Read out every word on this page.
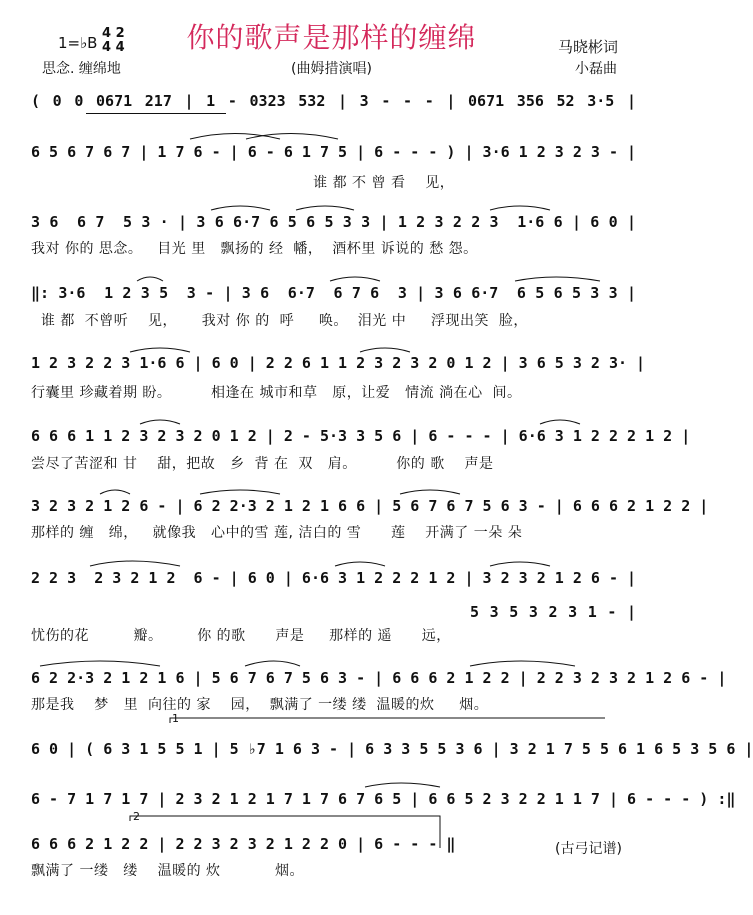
1=♭B
4 2
4 4	你的歌声是那样的缠绵	马晓彬词
思念. 缠绵地	(曲姆措演唱)	小磊曲
( 0 0 0671 217 | 1 - 0323 532 | 3 - - - | 0671 356 52 3·5 |
6 5 6 7 6 7 | 1 7 6 - | 6 - 6 1 7 5 | 6 - - - ) | 3·6 1 2 3 2 3 - |
谁 都 不 曾 看    见，
3 6  6 7  5 3 · | 3 6 6·7 6 5 6 5 3 3 | 1 2 3 2 2 3  1·6 6 | 6 0 |
我对 你的 思念。   目光 里   飘扬的 经  幡，  酒杯里 诉说的 愁 怨。
‖: 3·6  1 2 3 5  3 - | 3 6  6·7  6 7 6  3 | 3 6 6·7  6 5 6 5 3 3 |
谁 都  不曾听    见，     我对 你 的  呼     唤。  泪光 中     浮现出笑  脸，
1 2 3 2 2 3 1·6 6 | 6 0 | 2 2 6 1 1 2 3 2 3 2 0 1 2 | 3 6 5 3 2 3· |
行囊里 珍藏着期 盼。        相逢在 城市和草   原，让爱   情流 淌在心  间。
6 6 6 1 1 2 3 2 3 2 0 1 2 | 2 - 5·3 3 5 6 | 6 - - - | 6·6 3 1 2 2 2 1 2 |
尝尽了苦涩和 甘    甜，把故   乡  背 在  双   肩。        你的 歌    声是
3 2 3 2 1 2 6 - | 6 2 2·3 2 1 2 1 6 6 | 5 6 7 6 7 5 6 3 - | 6 6 6 2 1 2 2 |
那样的 缠   绵，   就像我   心中的雪 莲, 洁白的 雪      莲    开满了 一朵 朵
2 2 3  2 3 2 1 2  6 - | 6 0 | 6·6 3 1 2 2 2 1 2 | 3 2 3 2 1 2 6 - |
5 3 5 3 2 3 1 - |
忧伤的花         瓣。       你 的歌      声是     那样的 遥      远，
6 2 2·3 2 1 2 1 6 | 5 6 7 6 7 5 6 3 - | 6 6 6 2 1 2 2 | 2 2 3 2 3 2 1 2 6 - |
那是我    梦   里  向往的 家    园，  飘满了 一缕 缕  温暖的炊     烟。
6 0 | ( 6 3 1 5 5 1 | 5 ♭7 1 6 3 - | 6 3 3 5 5 3 6 | 3 2 1 7 5 5 6 1 6 5 3 5 6 |
1
6 - 7 1 7 1 7 | 2 3 2 1 2 1 7 1 7 6 7 6 5 | 6 6 5 2 3 2 2 1 1 7 | 6 - - - ) :‖
2
6 6 6 2 1 2 2 | 2 2 3 2 3 2 1 2 2 0 | 6 - - - ‖
飘满了 一缕   缕    温暖的 炊           烟。
(古弓记谱)
